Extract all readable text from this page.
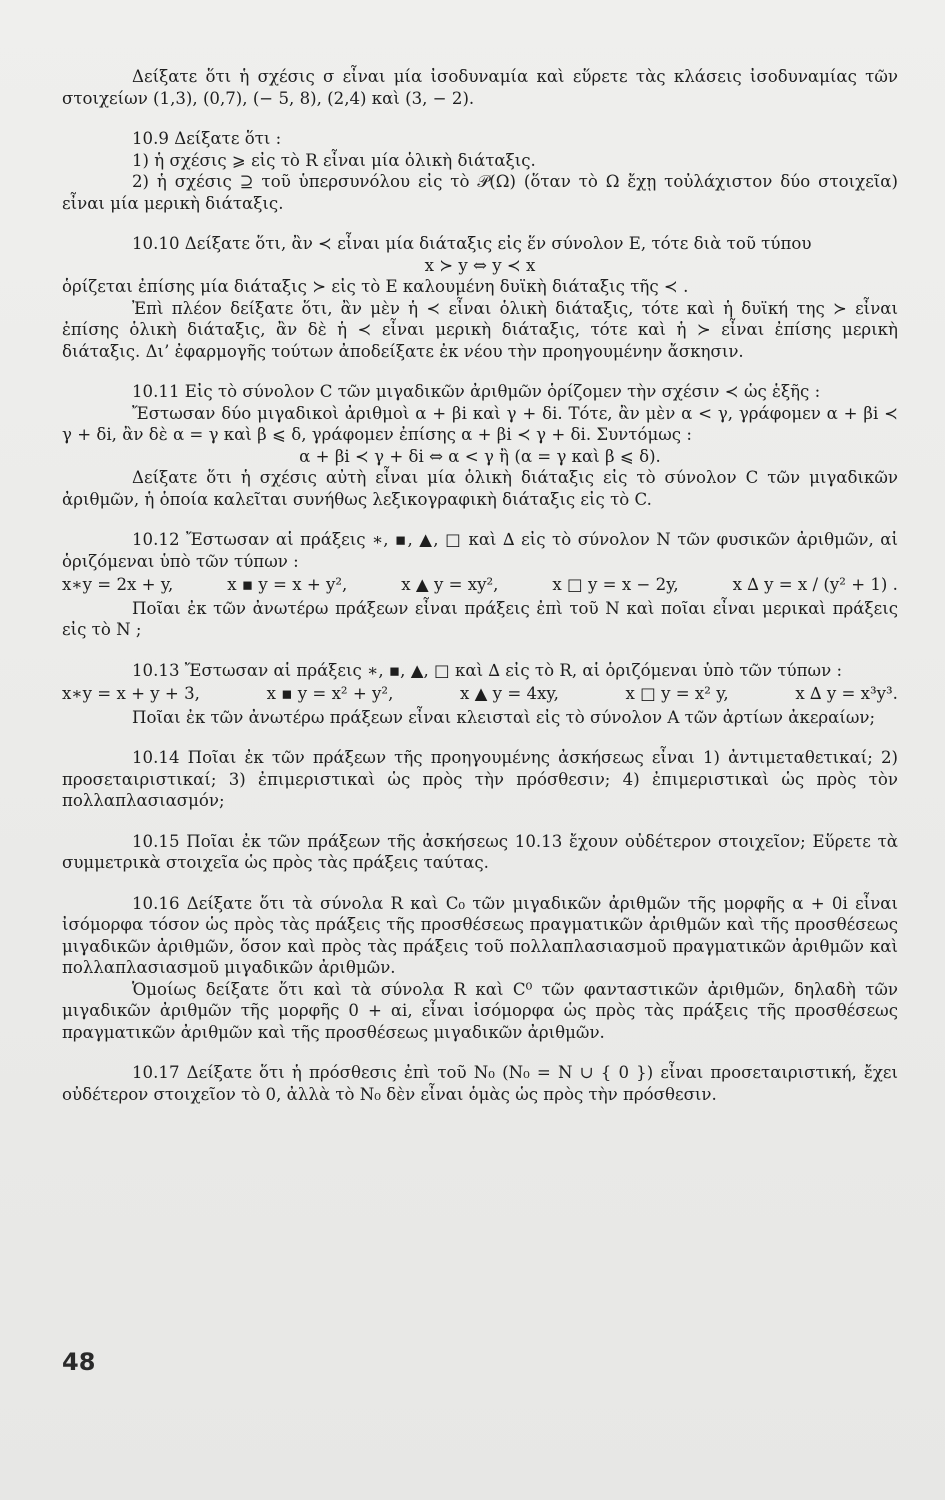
Δείξατε ὅτι ἡ σχέσις σ εἶναι μία ἰσοδυναμία καὶ εὕρετε τὰς κλάσεις ἰσοδυναμίας τῶν στοιχείων (1,3), (0,7), (− 5, 8), (2,4) καὶ (3, − 2).

10.9 Δείξατε ὅτι :

1) ἡ σχέσις ⩾ εἰς τὸ R εἶναι μία ὁλικὴ διάταξις.

2) ἡ σχέσις ⊇ τοῦ ὑπερσυνόλου εἰς τὸ 𝒫(Ω) (ὅταν τὸ Ω ἔχῃ τοὐλάχιστον δύο στοιχεῖα) εἶναι μία μερικὴ διάταξις.

10.10 Δείξατε ὅτι, ἂν ≺ εἶναι μία διάταξις εἰς ἕν σύνολον Ε, τότε διὰ τοῦ τύπου

x ≻ y ⇔ y ≺ x

ὁρίζεται ἐπίσης μία διάταξις ≻ εἰς τὸ Ε καλουμένη δυϊκὴ διάταξις τῆς ≺ .

Ἐπὶ πλέον δείξατε ὅτι, ἂν μὲν ἡ ≺ εἶναι ὁλικὴ διάταξις, τότε καὶ ἡ δυϊκή της ≻ εἶναι ἐπίσης ὁλικὴ διάταξις, ἂν δὲ ἡ ≺ εἶναι μερικὴ διάταξις, τότε καὶ ἡ ≻ εἶναι ἐπίσης μερικὴ διάταξις. Δι’ ἐφαρμογῆς τούτων ἀποδείξατε ἐκ νέου τὴν προηγουμένην ἄσκησιν.

10.11 Εἰς τὸ σύνολον C τῶν μιγαδικῶν ἀριθμῶν ὁρίζομεν τὴν σχέσιν ≺ ὡς ἑξῆς :

Ἔστωσαν δύο μιγαδικοὶ ἀριθμοὶ α + βi καὶ γ + δi. Τότε, ἂν μὲν α < γ, γράφομεν α + βi ≺ γ + δi, ἂν δὲ α = γ καὶ β ⩽ δ, γράφομεν ἐπίσης α + βi ≺ γ + δi. Συντόμως :

α + βi ≺ γ + δi ⇔ α < γ ἢ (α = γ καὶ β ⩽ δ).

Δείξατε ὅτι ἡ σχέσις αὐτὴ εἶναι μία ὁλικὴ διάταξις εἰς τὸ σύνολον C τῶν μιγαδικῶν ἀριθμῶν, ἡ ὁποία καλεῖται συνήθως λεξικογραφικὴ διάταξις εἰς τὸ C.

10.12 Ἔστωσαν αἱ πράξεις ∗, ▪, ▲, □ καὶ ∆ εἰς τὸ σύνολον Ν τῶν φυσικῶν ἀριθμῶν, αἱ ὁριζόμεναι ὑπὸ τῶν τύπων :

x∗y = 2x + y,	x ▪ y = x + y²,	x ▲ y = xy²,	x □ y = x − 2y,	x ∆ y = x / (y² + 1) .

Ποῖαι ἐκ τῶν ἀνωτέρω πράξεων εἶναι πράξεις ἐπὶ τοῦ Ν καὶ ποῖαι εἶναι μερικαὶ πράξεις εἰς τὸ Ν ;

10.13 Ἔστωσαν αἱ πράξεις ∗, ▪, ▲, □ καὶ ∆ εἰς τὸ R, αἱ ὁριζόμεναι ὑπὸ τῶν τύπων :

x∗y = x + y + 3,	x ▪ y = x² + y²,	x ▲ y = 4xy,	x □ y = x² y,	x ∆ y = x³y³.

Ποῖαι ἐκ τῶν ἀνωτέρω πράξεων εἶναι κλεισταὶ εἰς τὸ σύνολον Α τῶν ἀρτίων ἀκεραίων;

10.14 Ποῖαι ἐκ τῶν πράξεων τῆς προηγουμένης ἀσκήσεως εἶναι 1) ἀντιμεταθετικαί; 2) προσεταιριστικαί; 3) ἐπιμεριστικαὶ ὡς πρὸς τὴν πρόσθεσιν; 4) ἐπιμεριστικαὶ ὡς πρὸς τὸν πολλαπλασιασμόν;

10.15 Ποῖαι ἐκ τῶν πράξεων τῆς ἀσκήσεως 10.13 ἔχουν οὐδέτερον στοιχεῖον; Εὕρετε τὰ συμμετρικὰ στοιχεῖα ὡς πρὸς τὰς πράξεις ταύτας.

10.16 Δείξατε ὅτι τὰ σύνολα R καὶ C₀ τῶν μιγαδικῶν ἀριθμῶν τῆς μορφῆς α + 0i εἶναι ἰσόμορφα τόσον ὡς πρὸς τὰς πράξεις τῆς προσθέσεως πραγματικῶν ἀριθμῶν καὶ τῆς προσθέσεως μιγαδικῶν ἀριθμῶν, ὅσον καὶ πρὸς τὰς πράξεις τοῦ πολλαπλασιασμοῦ πραγματικῶν ἀριθμῶν καὶ πολλαπλασιασμοῦ μιγαδικῶν ἀριθμῶν.

Ὁμοίως δείξατε ὅτι καὶ τὰ σύνολα R καὶ C⁰ τῶν φανταστικῶν ἀριθμῶν, δηλαδὴ τῶν μιγαδικῶν ἀριθμῶν τῆς μορφῆς 0 + αi, εἶναι ἰσόμορφα ὡς πρὸς τὰς πράξεις τῆς προσθέσεως πραγματικῶν ἀριθμῶν καὶ τῆς προσθέσεως μιγαδικῶν ἀριθμῶν.

10.17 Δείξατε ὅτι ἡ πρόσθεσις ἐπὶ τοῦ N₀ (N₀ = N ∪ { 0 }) εἶναι προσεταιριστική, ἔχει οὐδέτερον στοιχεῖον τὸ 0, ἀλλὰ τὸ N₀ δὲν εἶναι ὁμὰς ὡς πρὸς τὴν πρόσθεσιν.

48
